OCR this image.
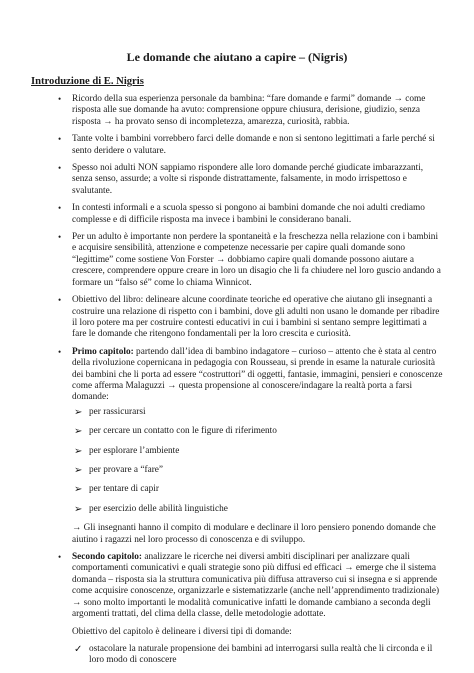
Le domande che aiutano a capire – (Nigris)
Introduzione di E. Nigris
• Ricordo della sua esperienza personale da bambina: “fare domande e farmi” domande → come risposta alle sue domande ha avuto: comprensione oppure chiusura, derisione, giudizio, senza risposta → ha provato senso di incompletezza, amarezza, curiosità, rabbia.
• Tante volte i bambini vorrebbero farci delle domande e non si sentono legittimati a farle perché si sento deridere o valutare.
• Spesso noi adulti NON sappiamo rispondere alle loro domande perché giudicate imbarazzanti, senza senso, assurde; a volte si risponde distrattamente, falsamente, in modo irrispettoso e svalutante.
• In contesti informali e a scuola spesso si pongono ai bambini domande che noi adulti crediamo complesse e di difficile risposta ma invece i bambini le considerano banali.
• Per un adulto è importante non perdere la spontaneità e la freschezza nella relazione con i bambini e acquisire sensibilità, attenzione e competenze necessarie per capire quali domande sono “legittime” come sostiene Von Forster → dobbiamo capire quali domande possono aiutare a crescere, comprendere oppure creare in loro un disagio che li fa chiudere nel loro guscio andando a formare un “falso sé” come lo chiama Winnicot.
• Obiettivo del libro: delineare alcune coordinate teoriche ed operative che aiutano gli insegnanti a costruire una relazione di rispetto con i bambini, dove gli adulti non usano le domande per ribadire il loro potere ma per costruire contesti educativi in cui i bambini si sentano sempre legittimati a fare le domande che ritengono fondamentali per la loro crescita e curiosità.
• Primo capitolo: partendo dall’idea di bambino indagatore – curioso – attento che è stata al centro della rivoluzione copernicana in pedagogia con Rousseau, si prende in esame la naturale curiosità dei bambini che li porta ad essere “costruttori” di oggetti, fantasie, immagini, pensieri e conoscenze come afferma Malaguzzi → questa propensione al conoscere/indagare la realtà porta a farsi domande:
➢ per rassicurarsi
➢ per cercare un contatto con le figure di riferimento
➢ per esplorare l’ambiente
➢ per provare a “fare”
➢ per tentare di capir
➢ per esercizio delle abilità linguistiche

→ Gli insegnanti hanno il compito di modulare e declinare il loro pensiero ponendo domande che aiutino i ragazzi nel loro processo di conoscenza e di sviluppo.

• Secondo capitolo: analizzare le ricerche nei diversi ambiti disciplinari per analizzare quali comportamenti comunicativi e quali strategie sono più diffusi ed efficaci → emerge che il sistema domanda – risposta sia la struttura comunicativa più diffusa attraverso cui si insegna e si apprende come acquisire conoscenze, organizzarle e sistematizzarle (anche nell’apprendimento tradizionale) → sono molto importanti le modalità comunicative infatti le domande cambiano a seconda degli argomenti trattati, del clima della classe, delle metodologie adottate.

Obiettivo del capitolo è delineare i diversi tipi di domande:

✓ ostacolare la naturale propensione dei bambini ad interrogarsi sulla realtà che li circonda e il loro modo di conoscere
